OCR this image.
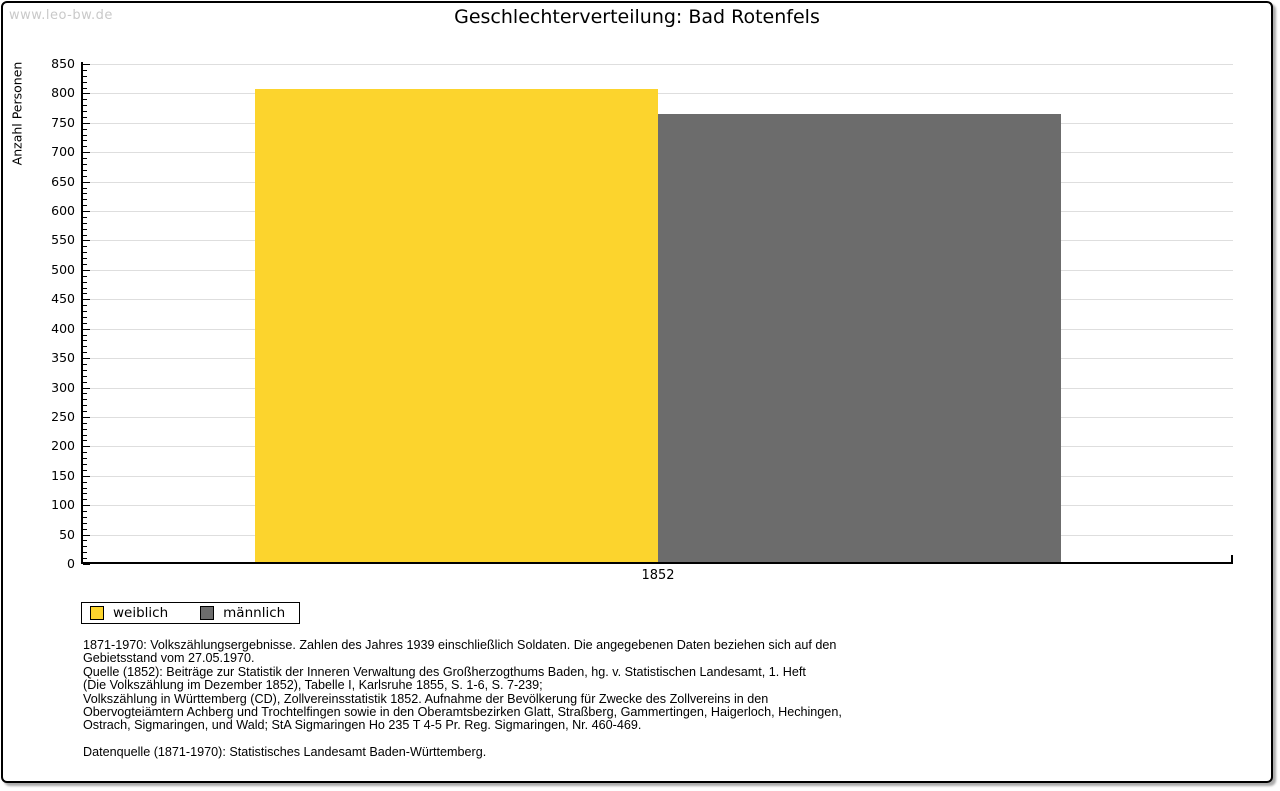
www.leo-bw.de	Geschlechterverteilung: Bad Rotenfels
Anzahl Personen
0
50
100
150
200
250
300
350
400
450
500
550
600
650
700
750
800
850
1852
weiblich	männlich
1871-1970: Volkszählungsergebnisse. Zahlen des Jahres 1939 einschließlich Soldaten. Die angegebenen Daten beziehen sich auf den
Gebietsstand vom 27.05.1970.
Quelle (1852): Beiträge zur Statistik der Inneren Verwaltung des Großherzogthums Baden, hg. v. Statistischen Landesamt, 1. Heft
(Die Volkszählung im Dezember 1852), Tabelle I, Karlsruhe 1855, S. 1-6, S. 7-239;
Volkszählung in Württemberg (CD), Zollvereinsstatistik 1852. Aufnahme der Bevölkerung für Zwecke des Zollvereins in den
Obervogteiämtern Achberg und Trochtelfingen sowie in den Oberamtsbezirken Glatt, Straßberg, Gammertingen, Haigerloch, Hechingen,
Ostrach, Sigmaringen, und Wald; StA Sigmaringen Ho 235 T 4-5 Pr. Reg. Sigmaringen, Nr. 460-469.
Datenquelle (1871-1970): Statistisches Landesamt Baden-Württemberg.
